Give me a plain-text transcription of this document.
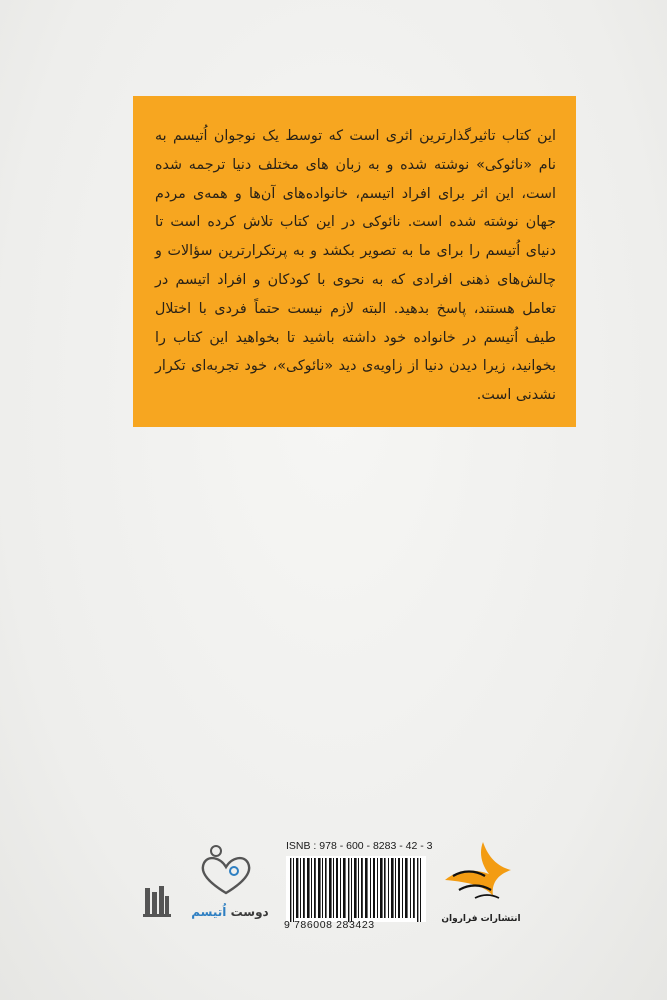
این کتاب تاثیرگذارترین اثری است که توسط یک نوجوان اُتیسم به نام «نائوکی» نوشته شده و به زبان های مختلف دنیا ترجمه شده است، این اثر برای افراد اتیسم، خانواده‌های آن‌ها و همه‌ی مردم جهان نوشته شده است. نائوکی در این کتاب تلاش کرده است تا دنیای اُتیسم را برای ما به تصویر بکشد و به پرتکرارترین سؤالات و چالش‌های ذهنی افرادی که به نحوی با کودکان و افراد اتیسم در تعامل هستند، پاسخ بدهید. البته لازم نیست حتماً فردی با اختلال طیف اُتیسم در خانواده خود داشته باشید تا بخواهید این کتاب را بخوانید، زیرا دیدن دنیا از زاویه‌ی دید «نائوکی»، خود تجربه‌ای تکرار نشدنی است.

انتشارات فراروان
ISNB : 978 - 600 - 8283 - 42 - 3
9 786008 283423
دوست اُتیسم
